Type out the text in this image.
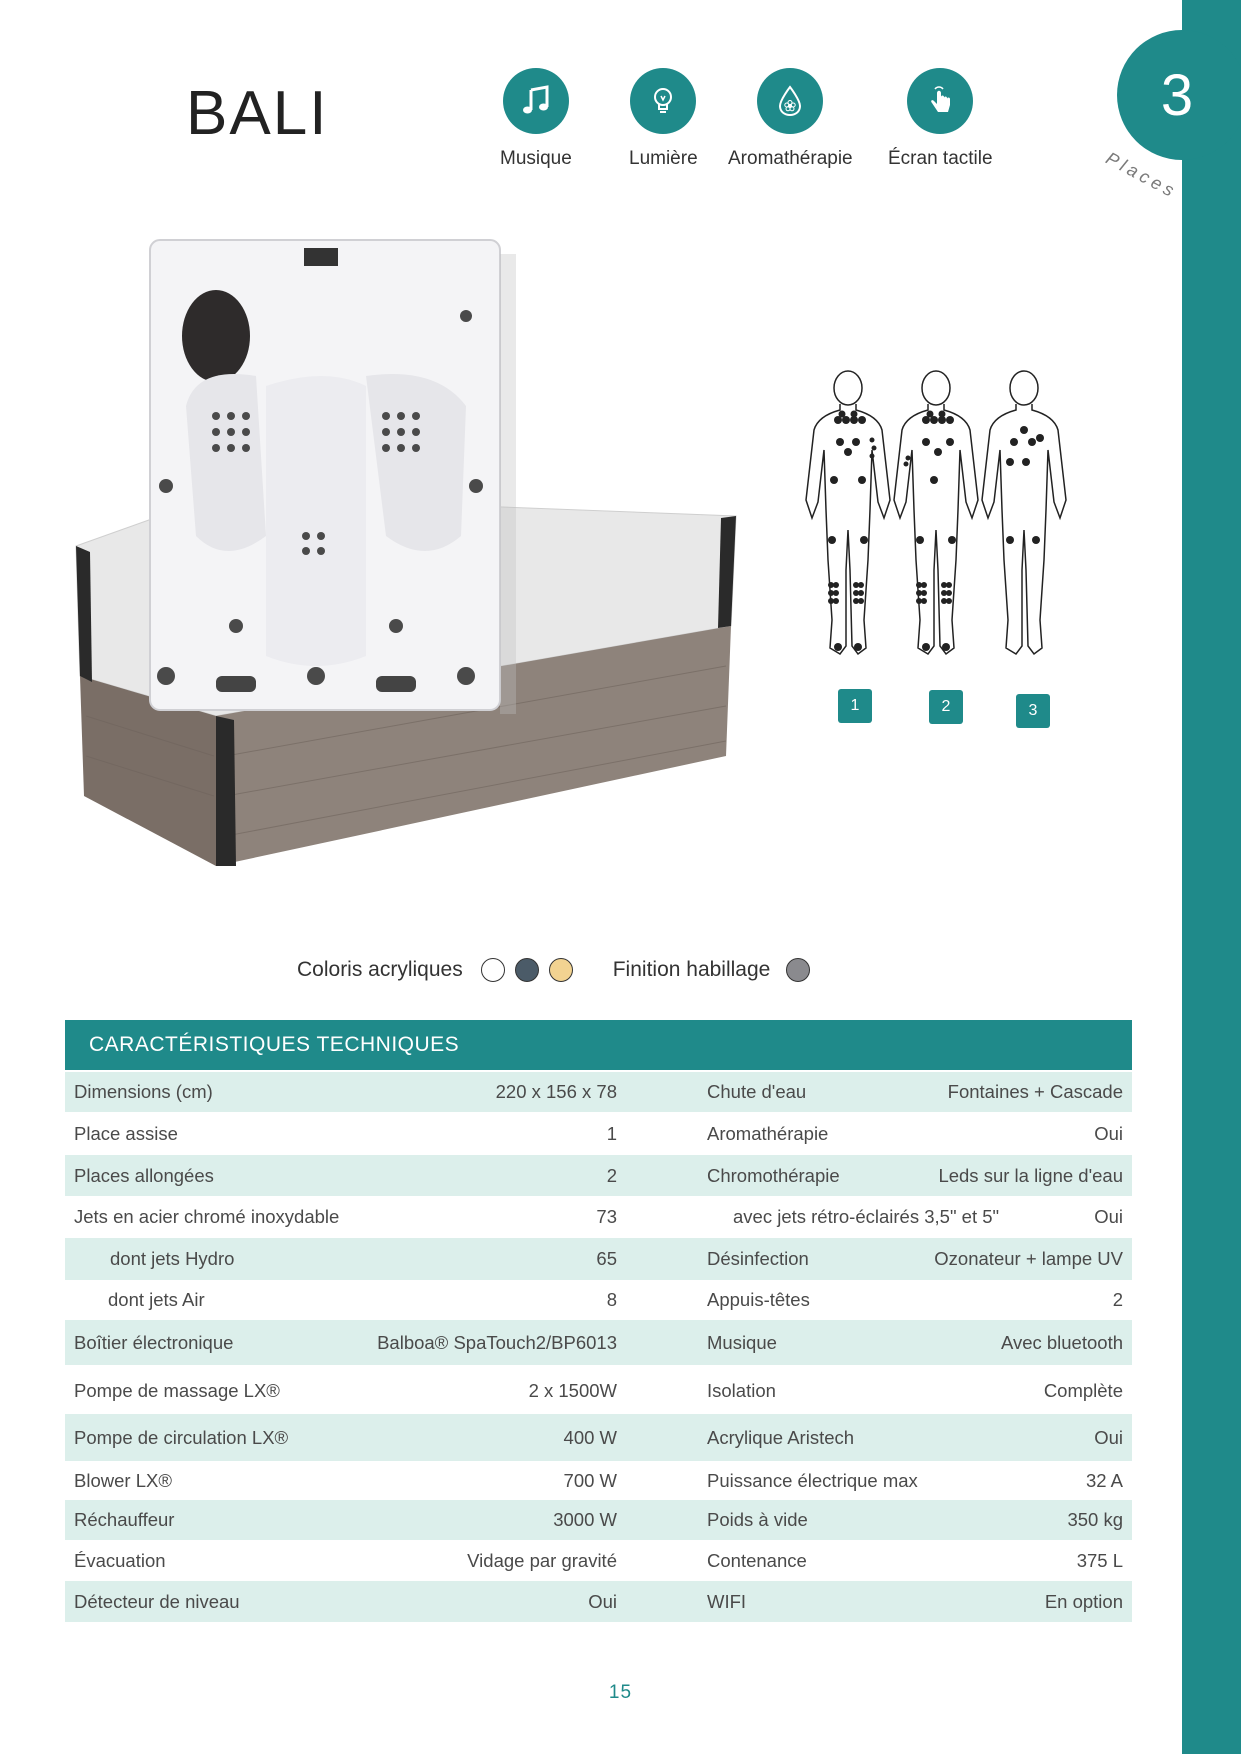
3
Places
BALI
Musique	Lumière Aromathérapie Écran tactile
1	2	3
Coloris acryliques	Finition habillage
CARACTÉRISTIQUES TECHNIQUES
Dimensions (cm)	220 x 156 x 78	Chute d'eau	Fontaines + Cascade
Place assise	1	Aromathérapie	Oui
Places allongées	2	Chromothérapie	Leds sur la ligne d'eau
Jets en acier chromé inoxydable	73	avec jets rétro-éclairés 3,5" et 5"	Oui
dont jets Hydro	65	Désinfection	Ozonateur + lampe UV
dont jets Air	8	Appuis-têtes	2
Boîtier électronique	Balboa® SpaTouch2/BP6013	Musique	Avec bluetooth
Pompe de massage LX®	2 x 1500W	Isolation	Complète
Pompe de circulation LX®	400 W	Acrylique Aristech	Oui
Blower LX®	700 W	Puissance électrique max	32 A
Réchauffeur	3000 W	Poids à vide	350 kg
Évacuation	Vidage par gravité	Contenance	375 L
Détecteur de niveau	Oui	WIFI	En option
15
